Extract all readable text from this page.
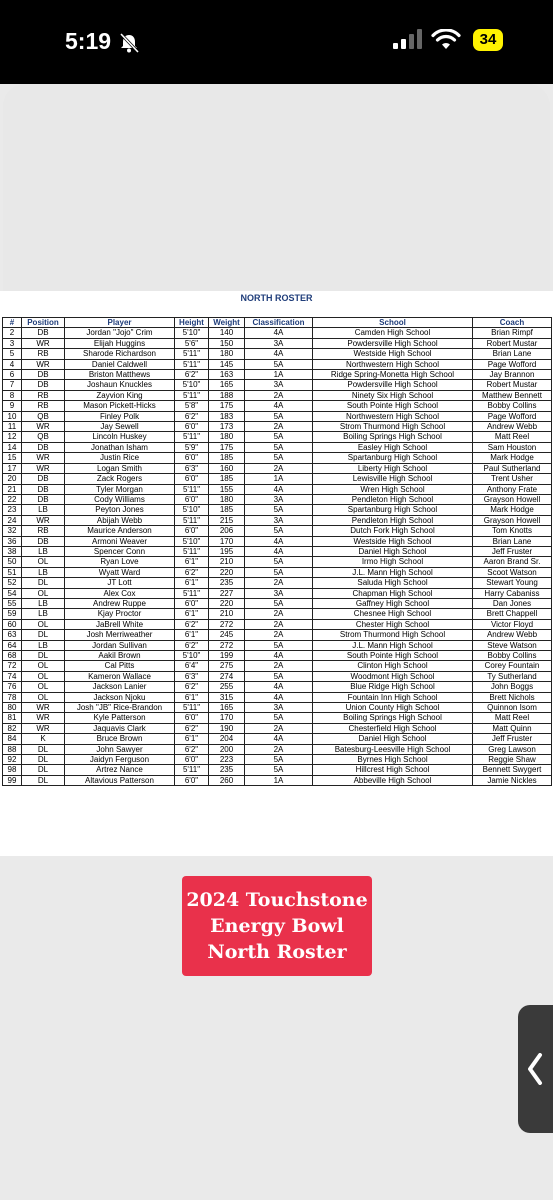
5:19	34
NORTH ROSTER
#	Position	Player	Height	Weight	Classification	School	Coach
2	DB	Jordan "Jojo" Crim	5'10"	140	4A	Camden High School	Brian Rimpf
3	WR	Elijah Huggins	5'6"	150	3A	Powdersville High School	Robert Mustar
5	RB	Sharode Richardson	5'11"	180	4A	Westside High School	Brian Lane
4	WR	Daniel Caldwell	5'11"	145	5A	Northwestern High School	Page Wofford
6	DB	Briston Matthews	6'2"	163	1A	Ridge Spring-Monetta High School	Jay Brannon
7	DB	Joshaun Knuckles	5'10"	165	3A	Powdersville High School	Robert Mustar
8	RB	Zayvion King	5'11"	188	2A	Ninety Six High School	Matthew Bennett
9	RB	Mason Pickett-Hicks	5'8"	175	4A	South Pointe High School	Bobby Collins
10	QB	Finley Polk	6'2"	183	5A	Northwestern High School	Page Wofford
11	WR	Jay Sewell	6'0"	173	2A	Strom Thurmond High School	Andrew Webb
12	QB	Lincoln Huskey	5'11"	180	5A	Boiling Springs High School	Matt Reel
14	DB	Jonathan Isham	5'9"	175	5A	Easley High School	Sam Houston
15	WR	Justin Rice	6'0"	185	5A	Spartanburg High School	Mark Hodge
17	WR	Logan Smith	6'3"	160	2A	Liberty High School	Paul Sutherland
20	DB	Zack Rogers	6'0"	185	1A	Lewisville High School	Trent Usher
21	DB	Tyler Morgan	5'11"	155	4A	Wren High School	Anthony Frate
22	DB	Cody Williams	6'0"	180	3A	Pendleton High School	Grayson Howell
23	LB	Peyton Jones	5'10"	185	5A	Spartanburg High School	Mark Hodge
24	WR	Abijah Webb	5'11"	215	3A	Pendleton High School	Grayson Howell
32	RB	Maurice Anderson	6'0"	206	5A	Dutch Fork High School	Tom Knotts
36	DB	Armoni Weaver	5'10"	170	4A	Westside High School	Brian Lane
38	LB	Spencer Conn	5'11"	195	4A	Daniel High School	Jeff Fruster
50	OL	Ryan Love	6'1"	210	5A	Irmo High School	Aaron Brand Sr.
51	LB	Wyatt Ward	6'2"	220	5A	J.L. Mann High School	Scoot Watson
52	DL	JT Lott	6'1"	235	2A	Saluda High School	Stewart Young
54	OL	Alex Cox	5'11"	227	3A	Chapman High School	Harry Cabaniss
55	LB	Andrew Ruppe	6'0"	220	5A	Gaffney High School	Dan Jones
59	LB	Kjay Proctor	6'1"	210	2A	Chesnee High School	Brett Chappell
60	OL	JaBrell White	6'2"	272	2A	Chester High School	Victor Floyd
63	DL	Josh Merriweather	6'1"	245	2A	Strom Thurmond High School	Andrew Webb
64	LB	Jordan Sullivan	6'2"	272	5A	J.L. Mann High School	Steve Watson
68	DL	Aakil Brown	5'10"	199	4A	South Pointe High School	Bobby Collins
72	OL	Cal Pitts	6'4"	275	2A	Clinton High School	Corey Fountain
74	OL	Kameron Wallace	6'3"	274	5A	Woodmont High School	Ty Sutherland
76	OL	Jackson Lanier	6'2"	255	4A	Blue Ridge High School	John Boggs
78	OL	Jackson Njoku	6'1"	315	4A	Fountain Inn High School	Brett Nichols
80	WR	Josh "JB" Rice-Brandon	5'11"	165	3A	Union County High School	Quinnon Isom
81	WR	Kyle Patterson	6'0"	170	5A	Boiling Springs High School	Matt Reel
82	WR	Jaquavis Clark	6'2"	190	2A	Chesterfield High School	Matt Quinn
84	K	Bruce Brown	6'1"	204	4A	Daniel High School	Jeff Fruster
88	DL	John Sawyer	6'2"	200	2A	Batesburg-Leesville High School	Greg Lawson
92	DL	Jaidyn Ferguson	6'0"	223	5A	Byrnes High School	Reggie Shaw
98	DL	Artrez Nance	5'11"	235	5A	Hillcrest High School	Bennett Swygert
99	DL	Altavious Patterson	6'0"	260	1A	Abbeville High School	Jamie Nickles
2024 Touchstone
Energy Bowl
North Roster
